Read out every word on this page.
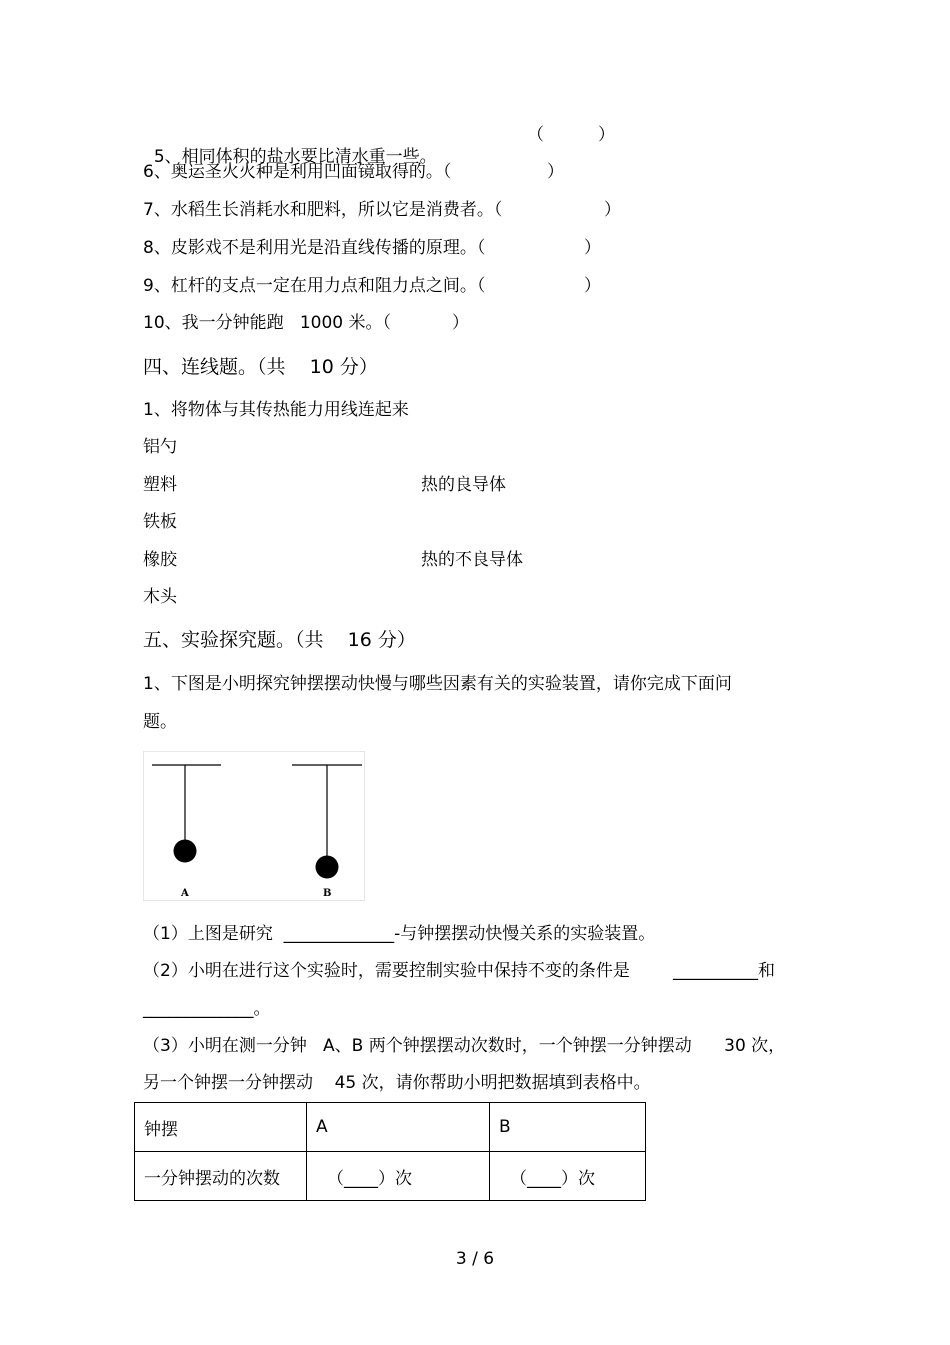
5、相同体积的盐水要比清水重一些。

（          ）
6、奥运圣火火种是利用凹面镜取得的。（	）
7、水稻生长消耗水和肥料，所以它是消费者。（	）
8、皮影戏不是利用光是沿直线传播的原理。（	）
9、杠杆的支点一定在用力点和阻力点之间。（	）
10、我一分钟能跑   1000 米。（	）
四、连线题。（共    10 分）
1、将物体与其传热能力用线连起来
铝勺
塑料
铁板
橡胶
木头
热的良导体
热的不良导体
五、实验探究题。（共    16 分）
1、下图是小明探究钟摆摆动快慢与哪些因素有关的实验装置，请你完成下面问
题。
A	B
（1）上图是研究  _____________-与钟摆摆动快慢关系的实验装置。
（2）小明在进行这个实验时，需要控制实验中保持不变的条件是        __________和
_____________。
（3）小明在测一分钟   A、B 两个钟摆摆动次数时，一个钟摆一分钟摆动      30 次，
另一个钟摆一分钟摆动    45 次，请你帮助小明把数据填到表格中。
钟摆	A	B
一分钟摆动的次数	（____）次	（____）次
3 / 6
